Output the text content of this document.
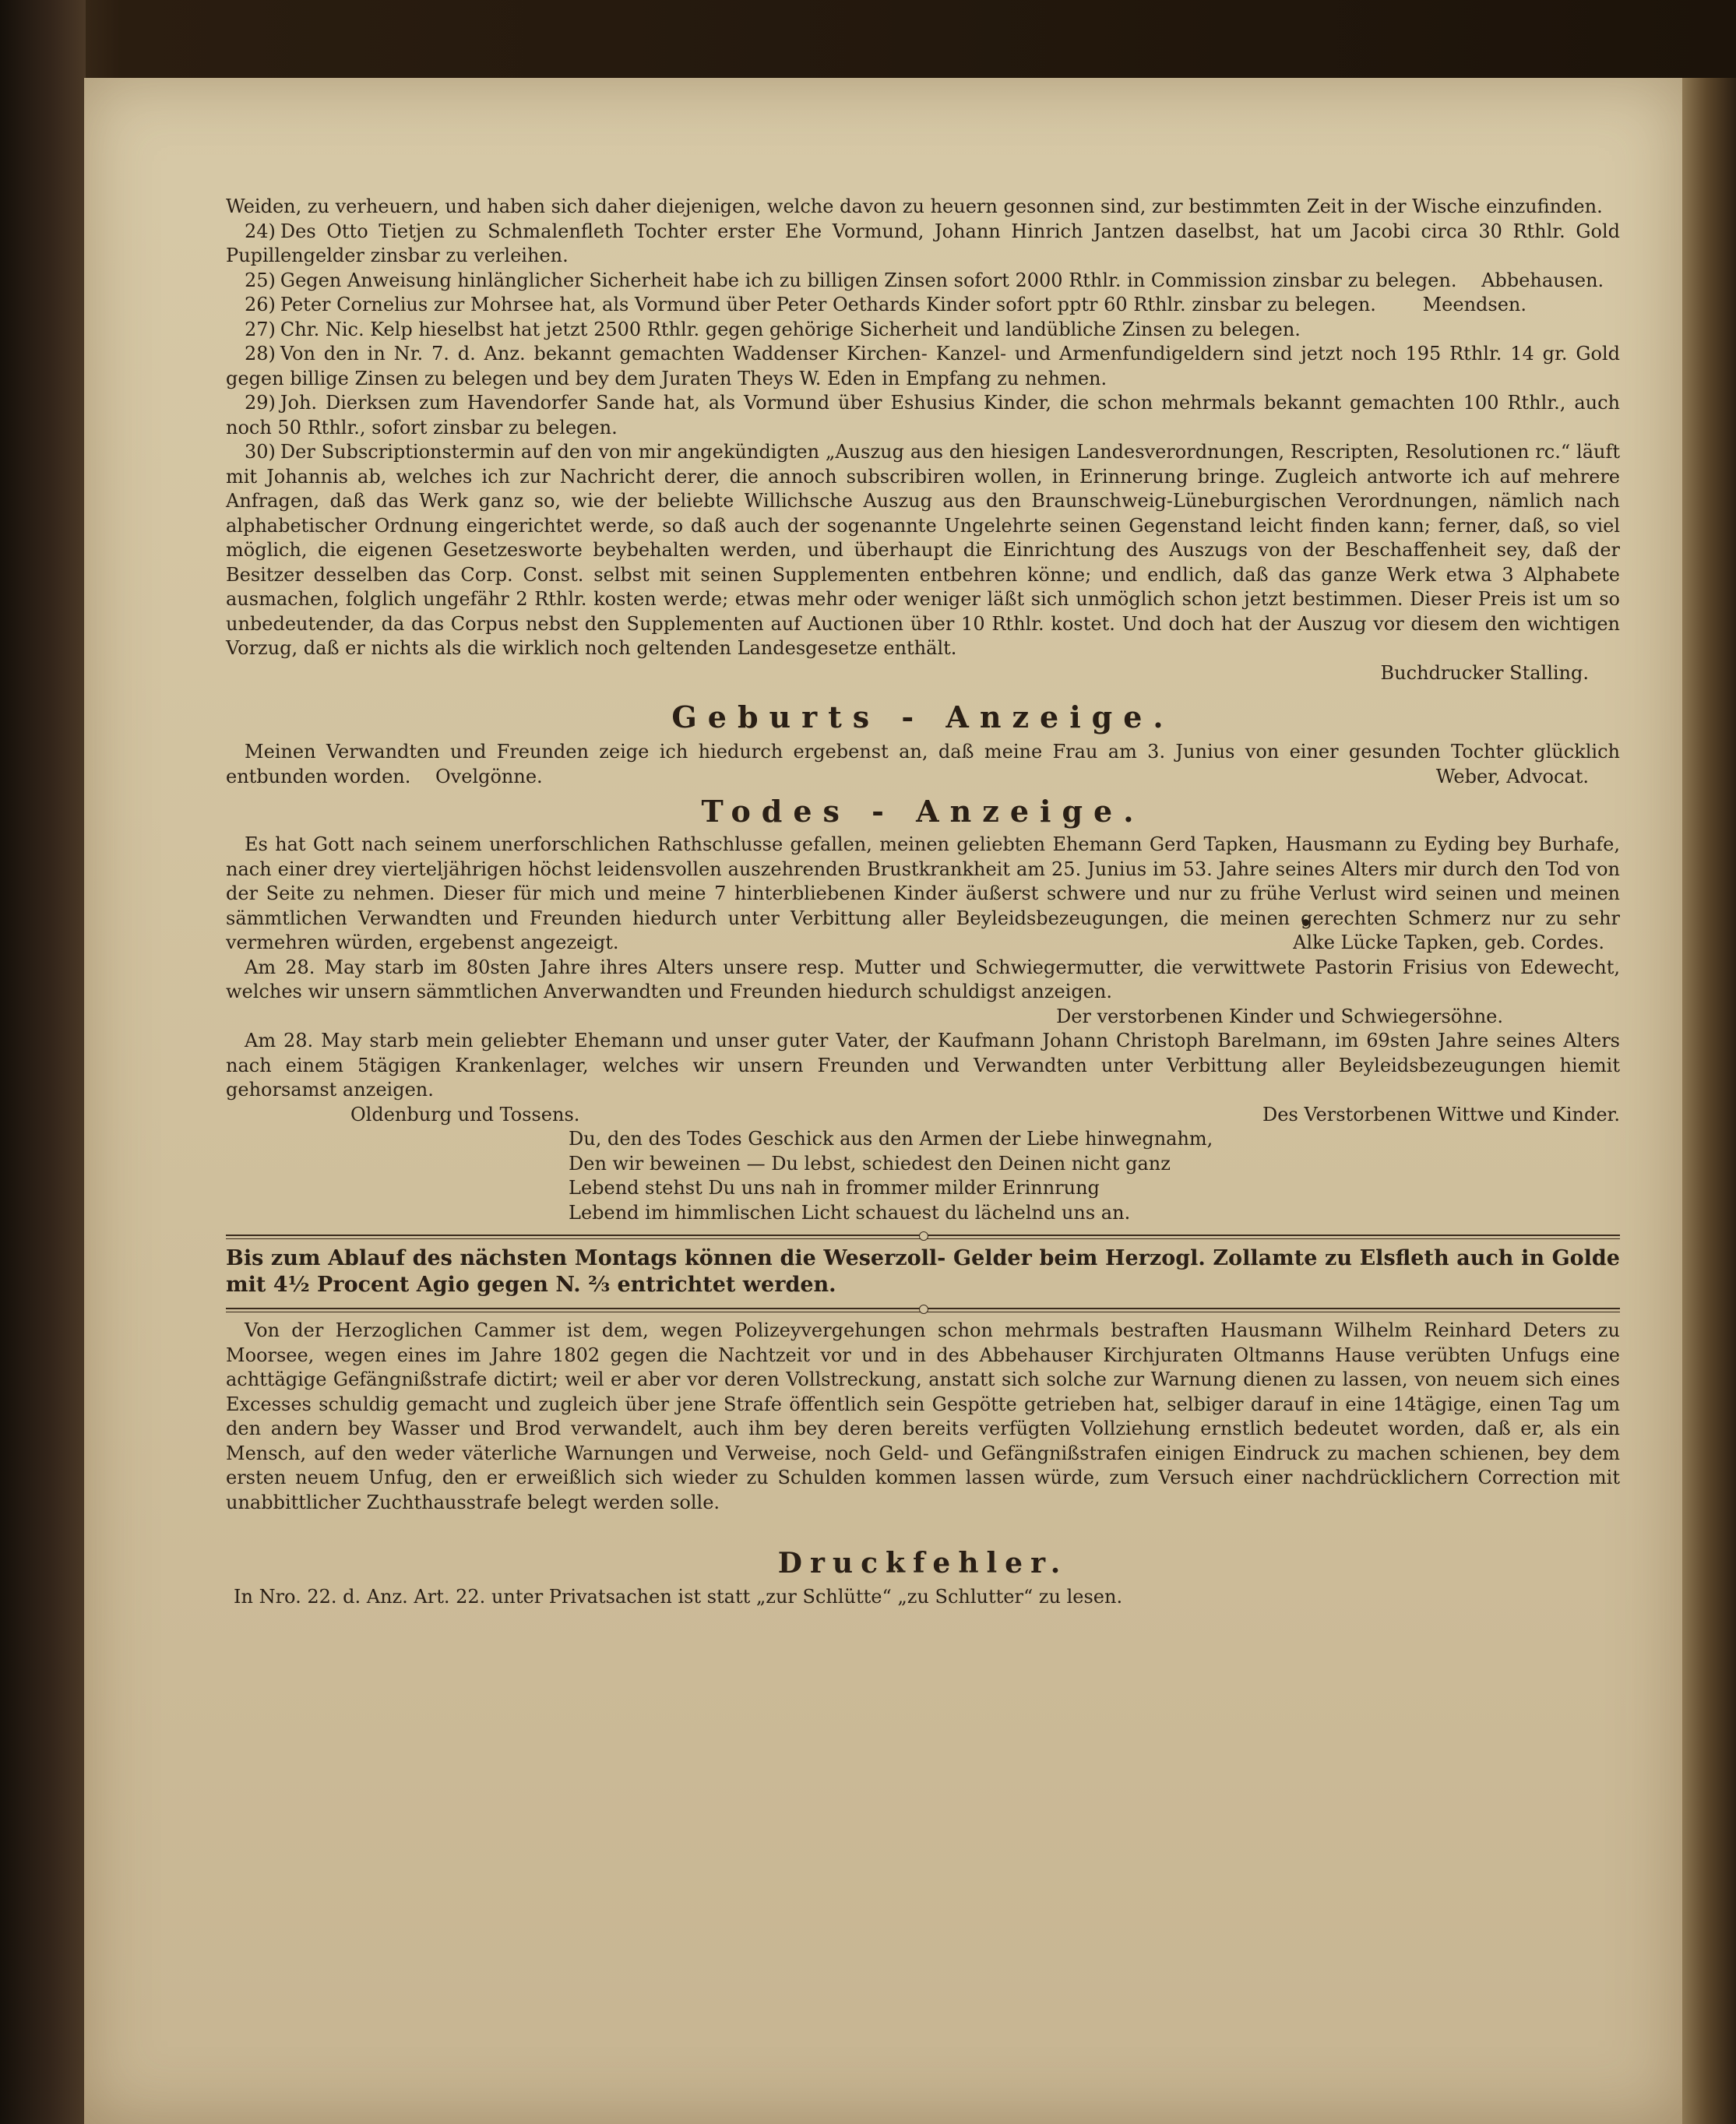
Weiden, zu verheuern, und haben sich daher diejenigen, welche davon zu heuern gesonnen sind, zur bestimmten Zeit in der Wische einzufinden.

 24) Des Otto Tietjen zu Schmalenfleth Tochter erster Ehe Vormund, Johann Hinrich Jantzen daselbst, hat um Jacobi circa 30 Rthlr. Gold Pupillengelder zinsbar zu verleihen.

 25) Gegen Anweisung hinlänglicher Sicherheit habe ich zu billigen Zinsen sofort 2000 Rthlr. in Commission zinsbar zu belegen.   Abbehausen.
Meendsen.

 26) Peter Cornelius zur Mohrsee hat, als Vormund über Peter Oethards Kinder sofort pptr 60 Rthlr. zinsbar zu belegen.

 27) Chr. Nic. Kelp hieselbst hat jetzt 2500 Rthlr. gegen gehörige Sicherheit und landübliche Zinsen zu belegen.

 28) Von den in Nr. 7. d. Anz. bekannt gemachten Waddenser Kirchen- Kanzel- und Armenfundigeldern sind jetzt noch 195 Rthlr. 14 gr. Gold gegen billige Zinsen zu belegen und bey dem Juraten Theys W. Eden in Empfang zu nehmen.

 29) Joh. Dierksen zum Havendorfer Sande hat, als Vormund über Eshusius Kinder, die schon mehrmals bekannt gemachten 100 Rthlr., auch noch 50 Rthlr., sofort zinsbar zu belegen.

 30) Der Subscriptionstermin auf den von mir angekündigten „Auszug aus den hiesigen Landesverordnungen, Rescripten, Resolutionen rc.“ läuft mit Johannis ab, welches ich zur Nachricht derer, die annoch subscribiren wollen, in Erinnerung bringe. Zugleich antworte ich auf mehrere Anfragen, daß das Werk ganz so, wie der beliebte Willichsche Auszug aus den Braunschweig-Lüneburgischen Verordnungen, nämlich nach alphabetischer Ordnung eingerichtet werde, so daß auch der sogenannte Ungelehrte seinen Gegenstand leicht finden kann; ferner, daß, so viel möglich, die eigenen Gesetzesworte beybehalten werden, und überhaupt die Einrichtung des Auszugs von der Beschaffenheit sey, daß der Besitzer desselben das Corp. Const. selbst mit seinen Supplementen entbehren könne; und endlich, daß das ganze Werk etwa 3 Alphabete ausmachen, folglich ungefähr 2 Rthlr. kosten werde; etwas mehr oder weniger läßt sich unmöglich schon jetzt bestimmen. Dieser Preis ist um so unbedeutender, da das Corpus nebst den Supplementen auf Auctionen über 10 Rthlr. kostet. Und doch hat der Auszug vor diesem den wichtigen Vorzug, daß er nichts als die wirklich noch geltenden Landesgesetze enthält.

Buchdrucker Stalling.

Geburts - Anzeige.

 Meinen Verwandten und Freunden zeige ich hiedurch ergebenst an, daß meine Frau am 3. Junius von einer gesunden Tochter glücklich entbunden worden.   Ovelgönne.	Weber, Advocat.

Todes - Anzeige.

 Es hat Gott nach seinem unerforschlichen Rathschlusse gefallen, meinen geliebten Ehemann Gerd Tapken, Hausmann zu Eyding bey Burhafe, nach einer drey vierteljährigen höchst leidensvollen auszehrenden Brustkrankheit am 25. Junius im 53. Jahre seines Alters mir durch den Tod von der Seite zu nehmen. Dieser für mich und meine 7 hinterbliebenen Kinder äußerst schwere und nur zu frühe Verlust wird seinen und meinen sämmtlichen Verwandten und Freunden hiedurch unter Verbittung aller Beyleidsbezeugungen, die meinen gerechten Schmerz nur zu sehr vermehren würden, ergebenst angezeigt.	Alke Lücke Tapken, geb. Cordes.

 Am 28. May starb im 80sten Jahre ihres Alters unsere resp. Mutter und Schwiegermutter, die verwittwete Pastorin Frisius von Edewecht, welches wir unsern sämmtlichen Anverwandten und Freunden hiedurch schuldigst anzeigen.
Der verstorbenen Kinder und Schwiegersöhne.

 Am 28. May starb mein geliebter Ehemann und unser guter Vater, der Kaufmann Johann Christoph Barelmann, im 69sten Jahre seines Alters nach einem 5tägigen Krankenlager, welches wir unsern Freunden und Verwandten unter Verbittung aller Beyleidsbezeugungen hiemit gehorsamst anzeigen.

Oldenburg und Tossens.	Des Verstorbenen Wittwe und Kinder.

Du, den des Todes Geschick aus den Armen der Liebe hinwegnahm,

Den wir beweinen — Du lebst, schiedest den Deinen nicht ganz

Lebend stehst Du uns nah in frommer milder Erinnrung

Lebend im himmlischen Licht schauest du lächelnd uns an.

Bis zum Ablauf des nächsten Montags können die Weserzoll- Gelder beim Herzogl. Zollamte zu Elsfleth auch in Golde mit 4½ Procent Agio gegen N. ⅔ entrichtet werden.

 Von der Herzoglichen Cammer ist dem, wegen Polizeyvergehungen schon mehrmals bestraften Hausmann Wilhelm Reinhard Deters zu Moorsee, wegen eines im Jahre 1802 gegen die Nachtzeit vor und in des Abbehauser Kirchjuraten Oltmanns Hause verübten Unfugs eine achttägige Gefängnißstrafe dictirt; weil er aber vor deren Vollstreckung, anstatt sich solche zur Warnung dienen zu lassen, von neuem sich eines Excesses schuldig gemacht und zugleich über jene Strafe öffentlich sein Gespötte getrieben hat, selbiger darauf in eine 14tägige, einen Tag um den andern bey Wasser und Brod verwandelt, auch ihm bey deren bereits verfügten Vollziehung ernstlich bedeutet worden, daß er, als ein Mensch, auf den weder väterliche Warnungen und Verweise, noch Geld- und Gefängnißstrafen einigen Eindruck zu machen schienen, bey dem ersten neuem Unfug, den er erweißlich sich wieder zu Schulden kommen lassen würde, zum Versuch einer nachdrücklichern Correction mit unabbittlicher Zuchthausstrafe belegt werden solle.

Druckfehler.

In Nro. 22. d. Anz. Art. 22. unter Privatsachen ist statt „zur Schlütte“ „zu Schlutter“ zu lesen.
